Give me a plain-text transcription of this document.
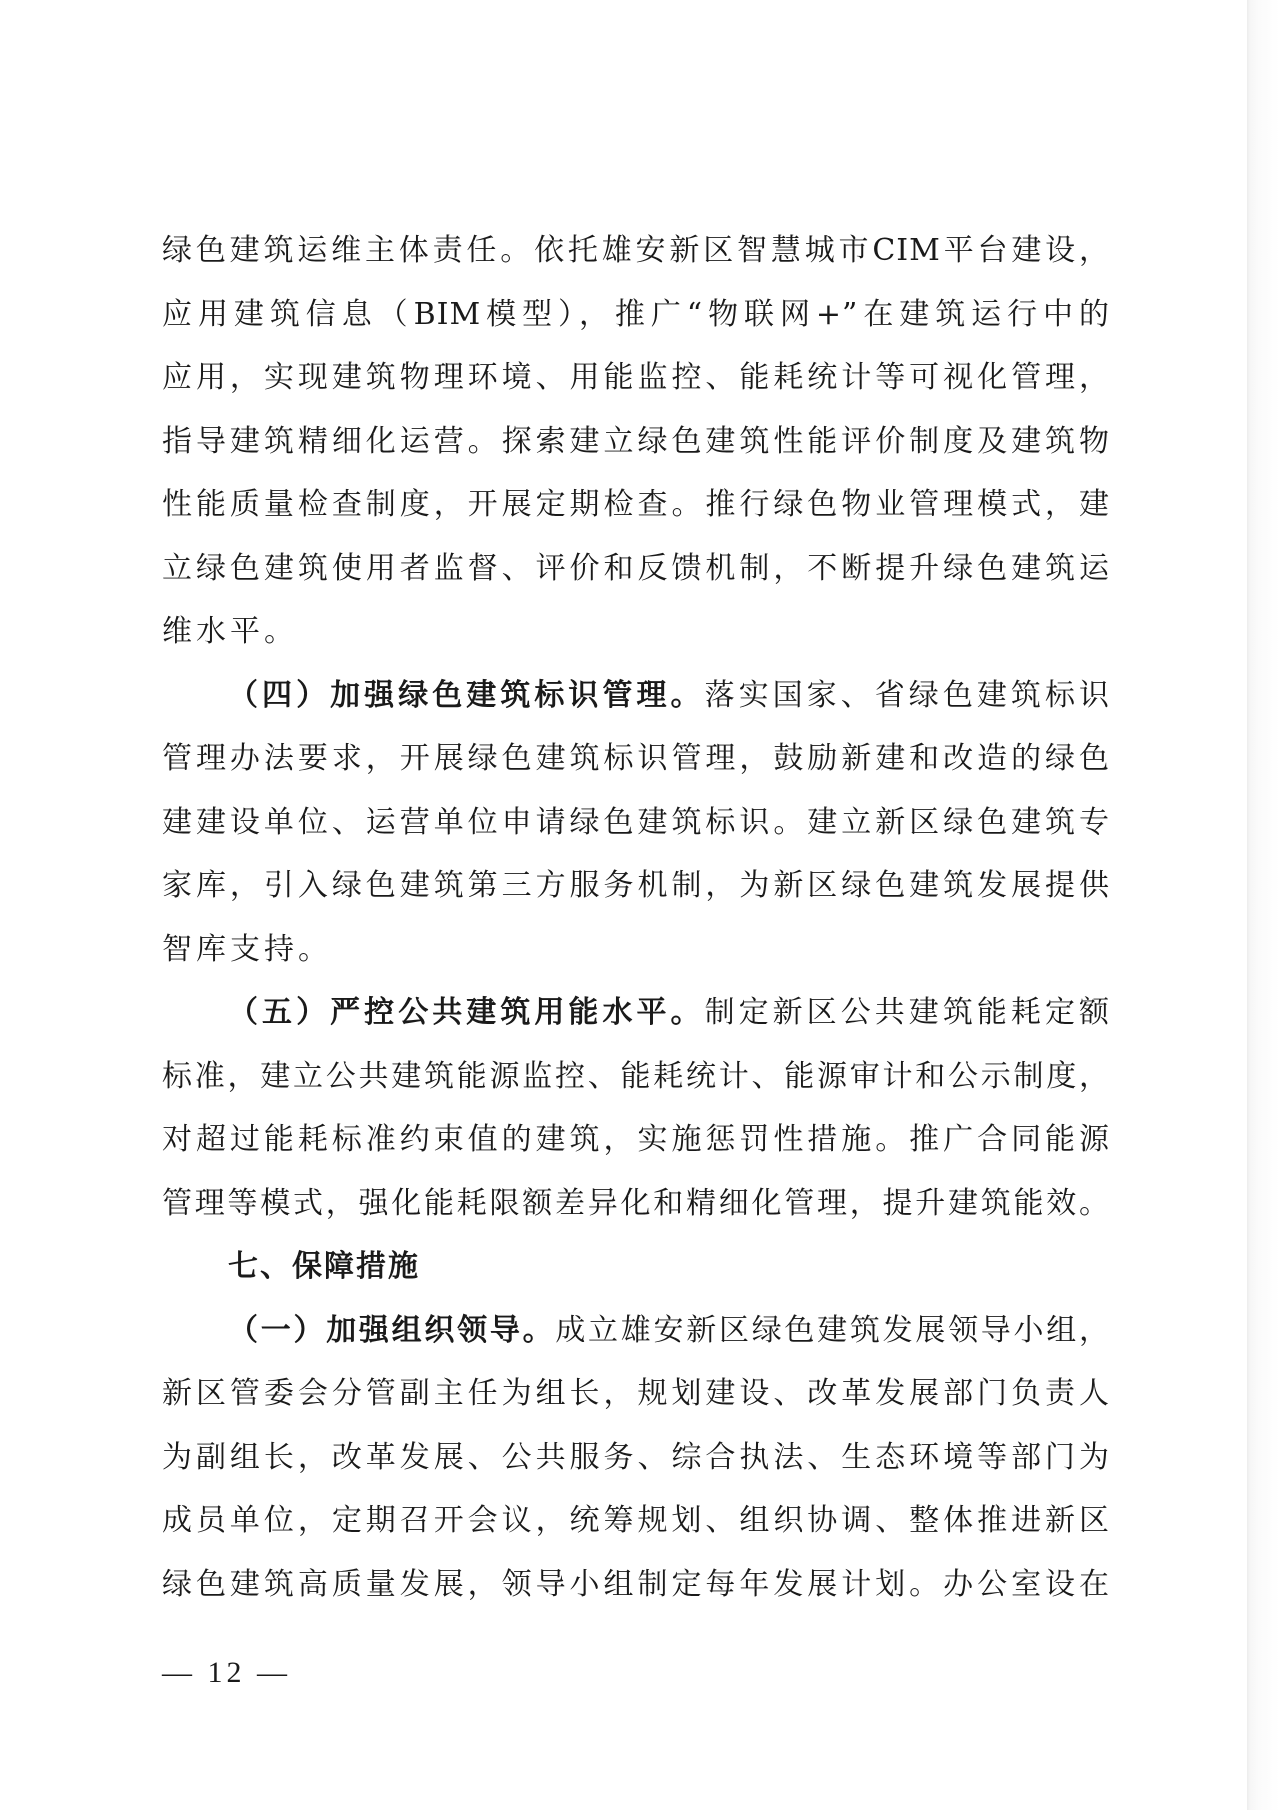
绿色建筑运维主体责任。依托雄安新区智慧城市CIM平台建设，
应用建筑信息（BIM模型），推广“物联网+”在建筑运行中的
应用，实现建筑物理环境、用能监控、能耗统计等可视化管理，
指导建筑精细化运营。探索建立绿色建筑性能评价制度及建筑物
性能质量检查制度，开展定期检查。推行绿色物业管理模式，建
立绿色建筑使用者监督、评价和反馈机制，不断提升绿色建筑运
维水平。
（四）加强绿色建筑标识管理。落实国家、省绿色建筑标识
管理办法要求，开展绿色建筑标识管理，鼓励新建和改造的绿色
建建设单位、运营单位申请绿色建筑标识。建立新区绿色建筑专
家库，引入绿色建筑第三方服务机制，为新区绿色建筑发展提供
智库支持。
（五）严控公共建筑用能水平。制定新区公共建筑能耗定额
标准，建立公共建筑能源监控、能耗统计、能源审计和公示制度，
对超过能耗标准约束值的建筑，实施惩罚性措施。推广合同能源
管理等模式，强化能耗限额差异化和精细化管理，提升建筑能效。
七、保障措施
（一）加强组织领导。成立雄安新区绿色建筑发展领导小组，
新区管委会分管副主任为组长，规划建设、改革发展部门负责人
为副组长，改革发展、公共服务、综合执法、生态环境等部门为
成员单位，定期召开会议，统筹规划、组织协调、整体推进新区
绿色建筑高质量发展，领导小组制定每年发展计划。办公室设在
— 12 —
